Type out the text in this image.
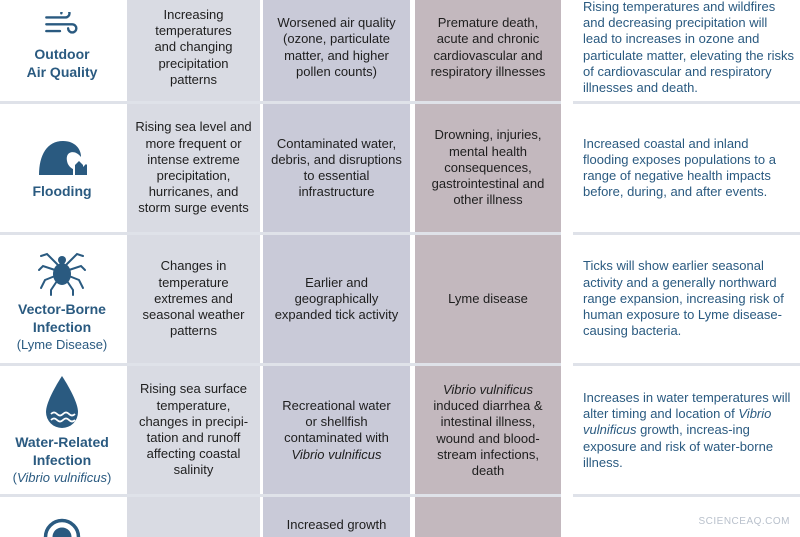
Outdoor
Air Quality
Increasing temperatures and changing precipitation patterns
Worsened air quality (ozone, particulate matter, and higher pollen counts)
Premature death, acute and chronic cardiovascular and respiratory illnesses
Rising temperatures and wildfires and decreasing precipitation will lead to increases in ozone and particulate matter, elevating the risks of cardiovascular and respiratory illnesses and death.
Flooding
Rising sea level and more frequent or intense extreme precipitation, hurricanes, and storm surge events
Contaminated water, debris, and disruptions to essential infrastructure
Drowning, injuries, mental health consequences, gastrointestinal and other illness
Increased coastal and inland flooding exposes populations to a range of negative health impacts before, during, and after events.
Vector-Borne
Infection
(Lyme Disease)
Changes in temperature extremes and seasonal weather patterns
Earlier and geographically expanded tick activity
Lyme disease
Ticks will show earlier seasonal activity and a generally northward range expansion, increasing risk of human exposure to Lyme disease-causing bacteria.
Water-Related
Infection
(Vibrio vulnificus)
Rising sea surface temperature, changes in precipi-tation and runoff affecting coastal salinity
Recreational water or shellfish contaminated with Vibrio vulnificus
Vibrio vulnificus induced diarrhea & intestinal illness, wound and blood-stream infections, death
Increases in water temperatures will alter timing and location of Vibrio vulnificus growth, increas-ing exposure and risk of water-borne illness.
Increased growth	SCIENCEAQ.COM
